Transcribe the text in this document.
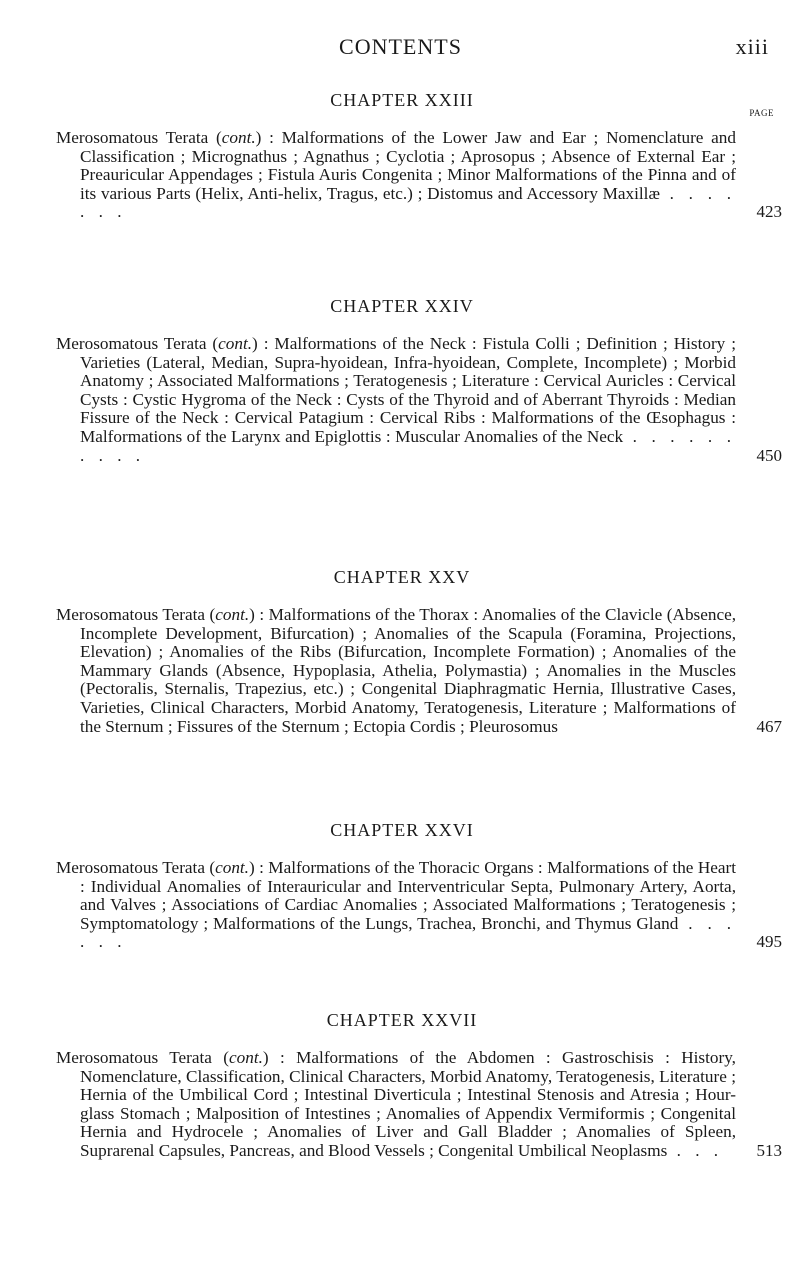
CONTENTS	xiii
CHAPTER XXIII
PAGE

Merosomatous Terata (cont.) : Malformations of the Lower Jaw and Ear ; Nomenclature and Classification ; Micrognathus ; Agnathus ; Cyclotia ; Aprosopus ; Absence of External Ear ; Preauricular Appendages ; Fistula Auris Congenita ; Minor Malformations of the Pinna and of its various Parts (Helix, Anti-helix, Tragus, etc.) ; Distomus and Accessory Maxillæ . . . . . . .	423
CHAPTER XXIV

Merosomatous Terata (cont.) : Malformations of the Neck : Fistula Colli ; Definition ; History ; Varieties (Lateral, Median, Supra-hyoidean, Infra-hyoidean, Complete, Incomplete) ; Morbid Anatomy ; Associated Malformations ; Teratogenesis ; Literature : Cervical Auricles : Cervical Cysts : Cystic Hygroma of the Neck : Cysts of the Thyroid and of Aberrant Thyroids : Median Fissure of the Neck : Cervical Patagium : Cervical Ribs : Malformations of the Œsophagus : Malformations of the Larynx and Epiglottis : Muscular Anomalies of the Neck . . . . . . . . . .	450
CHAPTER XXV

Merosomatous Terata (cont.) : Malformations of the Thorax : Anomalies of the Clavicle (Absence, Incomplete Development, Bifurcation) ; Anomalies of the Scapula (Foramina, Projections, Elevation) ; Anomalies of the Ribs (Bifurcation, Incomplete Formation) ; Anomalies of the Mammary Glands (Absence, Hypoplasia, Athelia, Polymastia) ; Anomalies in the Muscles (Pectoralis, Sternalis, Trapezius, etc.) ; Congenital Diaphragmatic Hernia, Illustrative Cases, Varieties, Clinical Characters, Morbid Anatomy, Teratogenesis, Literature ; Malformations of the Sternum ; Fissures of the Sternum ; Ectopia Cordis ; Pleurosomus	467
CHAPTER XXVI

Merosomatous Terata (cont.) : Malformations of the Thoracic Organs : Malformations of the Heart : Individual Anomalies of Interauricular and Interventricular Septa, Pulmonary Artery, Aorta, and Valves ; Associations of Cardiac Anomalies ; Associated Malformations ; Teratogenesis ; Symptomatology ; Malformations of the Lungs, Trachea, Bronchi, and Thymus Gland . . . . . .	495
CHAPTER XXVII

Merosomatous Terata (cont.) : Malformations of the Abdomen : Gastroschisis : History, Nomenclature, Classification, Clinical Characters, Morbid Anatomy, Teratogenesis, Literature ; Hernia of the Umbilical Cord ; Intestinal Diverticula ; Intestinal Stenosis and Atresia ; Hour-glass Stomach ; Malposition of Intestines ; Anomalies of Appendix Vermiformis ; Congenital Hernia and Hydrocele ; Anomalies of Liver and Gall Bladder ; Anomalies of Spleen, Suprarenal Capsules, Pancreas, and Blood Vessels ; Congenital Umbilical Neoplasms . . .	513
